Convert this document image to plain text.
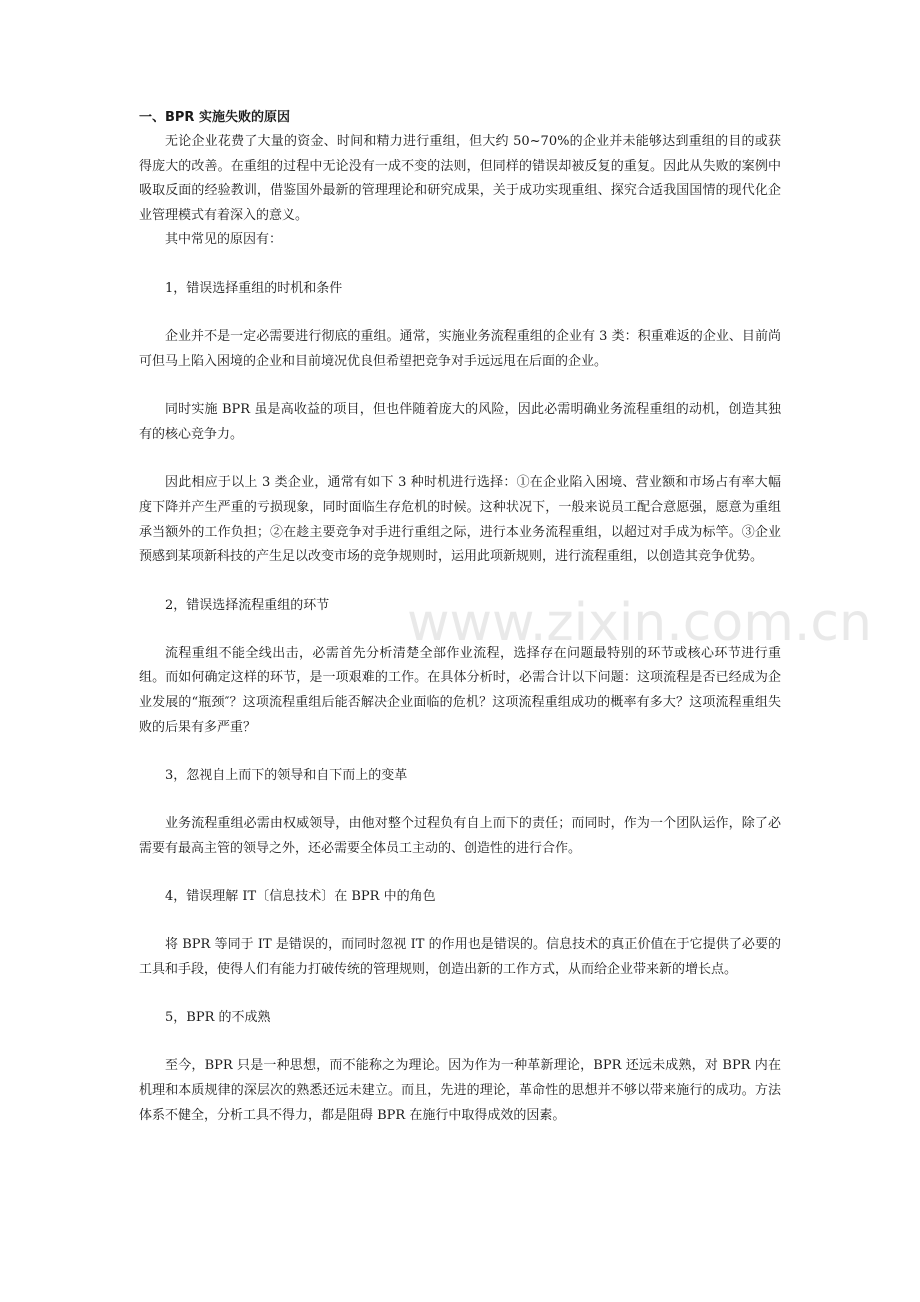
www.zixin.com.cn

一、BPR 实施失败的原因

无论企业花费了大量的资金、时间和精力进行重组，但大约 50~70%的企业并未能够达到重组的目的或获得庞大的改善。在重组的过程中无论没有一成不变的法则，但同样的错误却被反复的重复。因此从失败的案例中吸取反面的经验教训，借鉴国外最新的管理理论和研究成果，关于成功实现重组、探究合适我国国情的现代化企业管理模式有着深入的意义。

其中常见的原因有：

1，错误选择重组的时机和条件

企业并不是一定必需要进行彻底的重组。通常，实施业务流程重组的企业有 3 类：积重难返的企业、目前尚可但马上陷入困境的企业和目前境况优良但希望把竞争对手远远甩在后面的企业。

同时实施 BPR 虽是高收益的项目，但也伴随着庞大的风险，因此必需明确业务流程重组的动机，创造其独有的核心竞争力。

因此相应于以上 3 类企业，通常有如下 3 种时机进行选择：①在企业陷入困境、营业额和市场占有率大幅度下降并产生严重的亏损现象，同时面临生存危机的时候。这种状况下，一般来说员工配合意愿强，愿意为重组承当额外的工作负担；②在趁主要竞争对手进行重组之际，进行本业务流程重组，以超过对手成为标竿。③企业预感到某项新科技的产生足以改变市场的竞争规则时，运用此项新规则，进行流程重组，以创造其竞争优势。

2，错误选择流程重组的环节

流程重组不能全线出击，必需首先分析清楚全部作业流程，选择存在问题最特别的环节或核心环节进行重组。而如何确定这样的环节，是一项艰难的工作。在具体分析时，必需合计以下问题：这项流程是否已经成为企业发展的“瓶颈″？这项流程重组后能否解决企业面临的危机？这项流程重组成功的概率有多大？这项流程重组失败的后果有多严重？

3，忽视自上而下的领导和自下而上的变革

业务流程重组必需由权威领导，由他对整个过程负有自上而下的责任；而同时，作为一个团队运作，除了必需要有最高主管的领导之外，还必需要全体员工主动的、创造性的进行合作。

4，错误理解 IT〔信息技术〕在 BPR 中的角色

将 BPR 等同于 IT 是错误的，而同时忽视 IT 的作用也是错误的。信息技术的真正价值在于它提供了必要的工具和手段，使得人们有能力打破传统的管理规则，创造出新的工作方式，从而给企业带来新的增长点。

5，BPR 的不成熟

至今，BPR 只是一种思想，而不能称之为理论。因为作为一种革新理论，BPR 还远未成熟，对 BPR 内在机理和本质规律的深层次的熟悉还远未建立。而且，先进的理论，革命性的思想并不够以带来施行的成功。方法体系不健全，分析工具不得力，都是阻碍 BPR 在施行中取得成效的因素。
